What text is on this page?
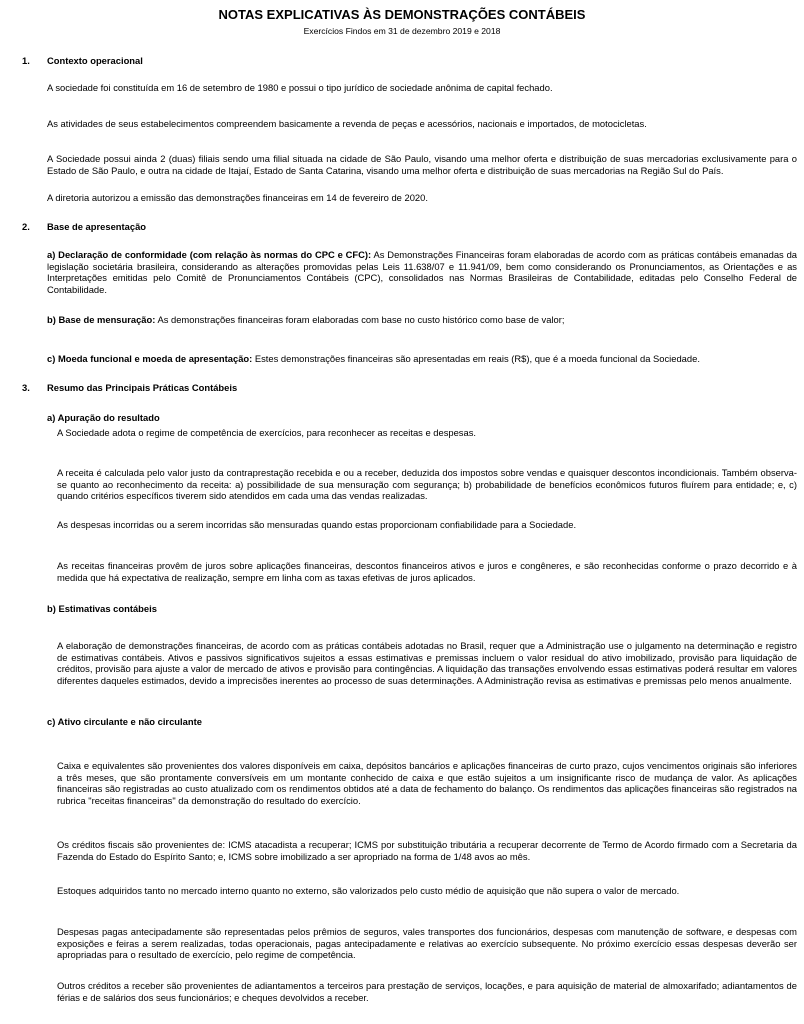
NOTAS EXPLICATIVAS ÀS DEMONSTRAÇÕES CONTÁBEIS
Exercícios Findos em 31 de dezembro 2019 e 2018
1. Contexto operacional
A sociedade foi constituída em 16 de setembro de 1980 e possui o tipo jurídico de sociedade anônima de capital fechado.
As atividades de seus estabelecimentos compreendem basicamente a revenda de peças e acessórios, nacionais e importados, de motocicletas.
A Sociedade possui ainda 2 (duas) filiais sendo uma filial situada na cidade de São Paulo, visando uma melhor oferta e distribuição de suas mercadorias exclusivamente para o Estado de São Paulo, e outra na cidade de Itajaí, Estado de Santa Catarina, visando uma melhor oferta e distribuição de suas mercadorias na Região Sul do País.
A diretoria autorizou a emissão das demonstrações financeiras em 14 de fevereiro de 2020.
2. Base de apresentação
a) Declaração de conformidade (com relação às normas do CPC e CFC): As Demonstrações Financeiras foram elaboradas de acordo com as práticas contábeis emanadas da legislação societária brasileira, considerando as alterações promovidas pelas Leis 11.638/07 e 11.941/09, bem como considerando os Pronunciamentos, as Orientações e as Interpretações emitidas pelo Comitê de Pronunciamentos Contábeis (CPC), consolidados nas Normas Brasileiras de Contabilidade, editadas pelo Conselho Federal de Contabilidade.
b) Base de mensuração: As demonstrações financeiras foram elaboradas com base no custo histórico como base de valor;
c) Moeda funcional e moeda de apresentação: Estes demonstrações financeiras são apresentadas em reais (R$), que é a moeda funcional da Sociedade.
3. Resumo das Principais Práticas Contábeis
a) Apuração do resultado
A Sociedade adota o regime de competência de exercícios, para reconhecer as receitas e despesas.
A receita é calculada pelo valor justo da contraprestação recebida e ou a receber, deduzida dos impostos sobre vendas e quaisquer descontos incondicionais. Também observa-se quanto ao reconhecimento da receita: a) possibilidade de sua mensuração com segurança; b) probabilidade de benefícios econômicos futuros fluírem para entidade; e, c) quando critérios específicos tiverem sido atendidos em cada uma das vendas realizadas.
As despesas incorridas ou a serem incorridas são mensuradas quando estas proporcionam confiabilidade para a Sociedade.
As receitas financeiras provêm de juros sobre aplicações financeiras, descontos financeiros ativos e juros e congêneres, e são reconhecidas conforme o prazo decorrido e à medida que há expectativa de realização, sempre em linha com as taxas efetivas de juros aplicados.
b) Estimativas contábeis
A elaboração de demonstrações financeiras, de acordo com as práticas contábeis adotadas no Brasil, requer que a Administração use o julgamento na determinação e registro de estimativas contábeis. Ativos e passivos significativos sujeitos a essas estimativas e premissas incluem o valor residual do ativo imobilizado, provisão para liquidação de créditos, provisão para ajuste a valor de mercado de ativos e provisão para contingências. A liquidação das transações envolvendo essas estimativas poderá resultar em valores diferentes daqueles estimados, devido a imprecisões inerentes ao processo de suas determinações. A Administração revisa as estimativas e premissas pelo menos anualmente.
c) Ativo circulante e não circulante
Caixa e equivalentes são provenientes dos valores disponíveis em caixa, depósitos bancários e aplicações financeiras de curto prazo, cujos vencimentos originais são inferiores a três meses, que são prontamente conversíveis em um montante conhecido de caixa e que estão sujeitos a um insignificante risco de mudança de valor. As aplicações financeiras são registradas ao custo atualizado com os rendimentos obtidos até a data de fechamento do balanço. Os rendimentos das aplicações financeiras são registrados na rubrica "receitas financeiras" da demonstração do resultado do exercício.
Os créditos fiscais são provenientes de: ICMS atacadista a recuperar; ICMS por substituição tributária a recuperar decorrente de Termo de Acordo firmado com a Secretaria da Fazenda do Estado do Espírito Santo; e, ICMS sobre imobilizado a ser apropriado na forma de 1/48 avos ao mês.
Estoques adquiridos tanto no mercado interno quanto no externo, são valorizados pelo custo médio de aquisição que não supera o valor de mercado.
Despesas pagas antecipadamente são representadas pelos prêmios de seguros, vales transportes dos funcionários, despesas com manutenção de software, e despesas com exposições e feiras a serem realizadas, todas operacionais, pagas antecipadamente e relativas ao exercício subsequente. No próximo exercício essas despesas deverão ser apropriadas para o resultado de exercício, pelo regime de competência.
Outros créditos a receber são provenientes de adiantamentos a terceiros para prestação de serviços, locações, e para aquisição de material de almoxarifado; adiantamentos de férias e de salários dos seus funcionários; e cheques devolvidos a receber.
